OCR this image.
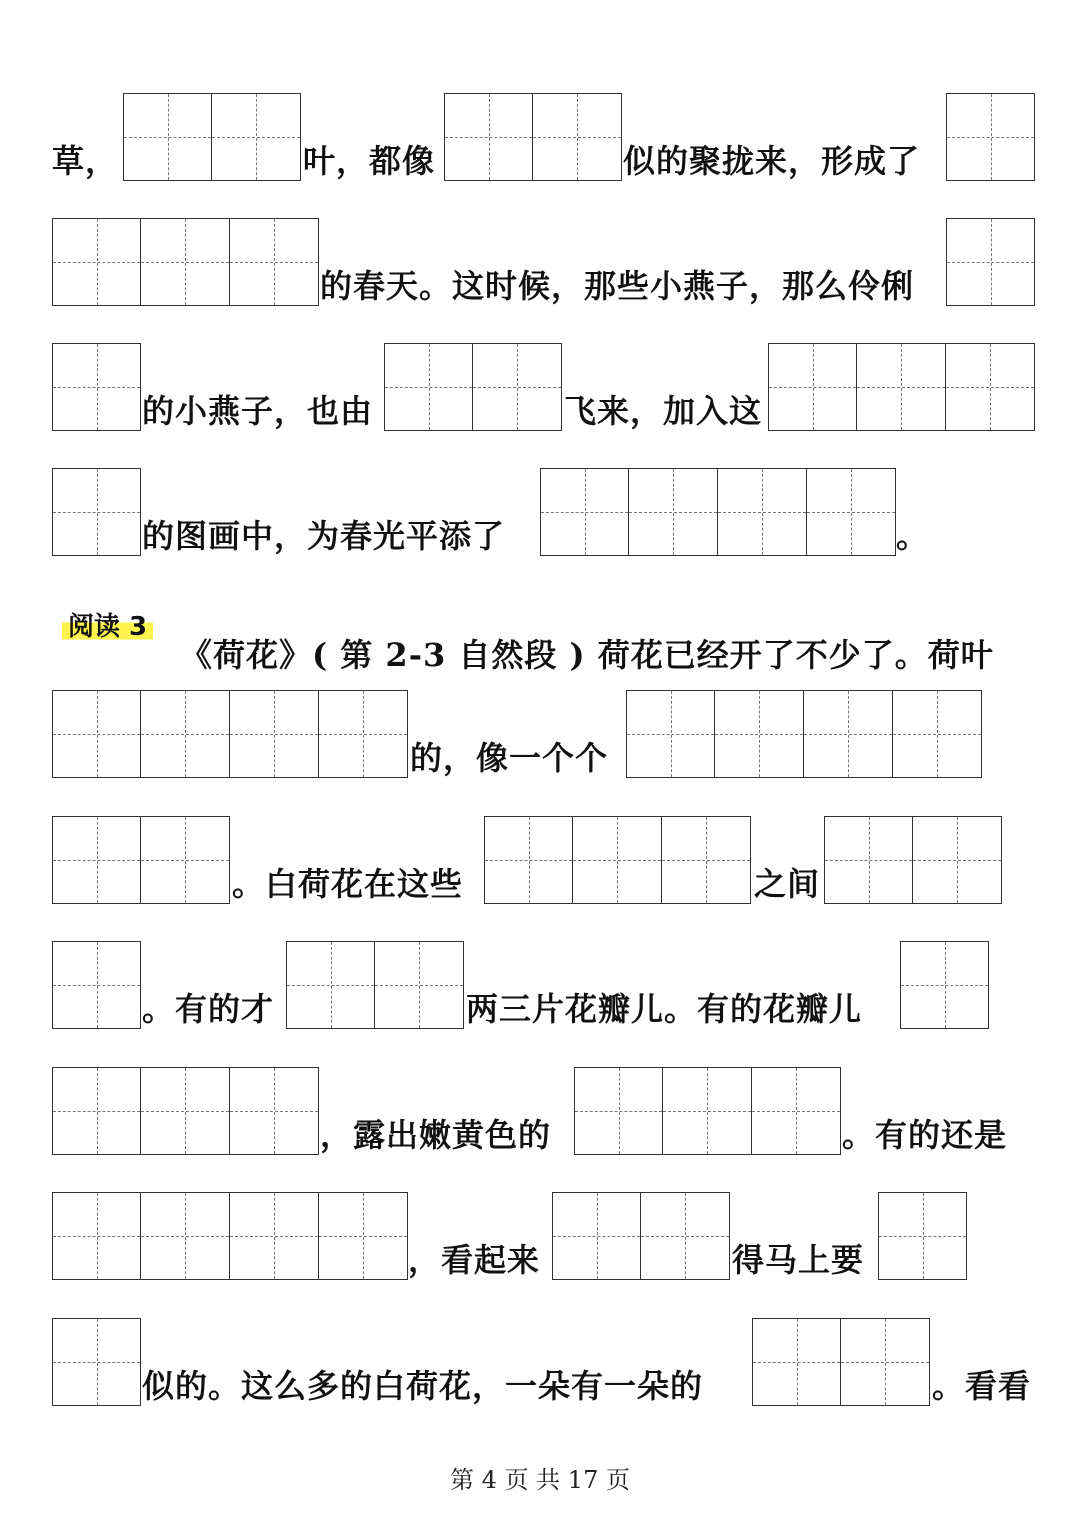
草，	叶，都像	似的聚拢来，形成了
的春天。这时候，那些小燕子，那么伶俐
的小燕子，也由	飞来，加入这
的图画中，为春光平添了	。
阅读 3
《荷花》( 第 2-3 自然段 ) 荷花已经开了不少了。荷叶
的，像一个个
。白荷花在这些	之间
。有的才	两三片花瓣儿。有的花瓣儿
，露出嫩黄色的	。有的还是
，看起来	得马上要
似的。这么多的白荷花，一朵有一朵的	。看看
第 4 页 共 17 页
